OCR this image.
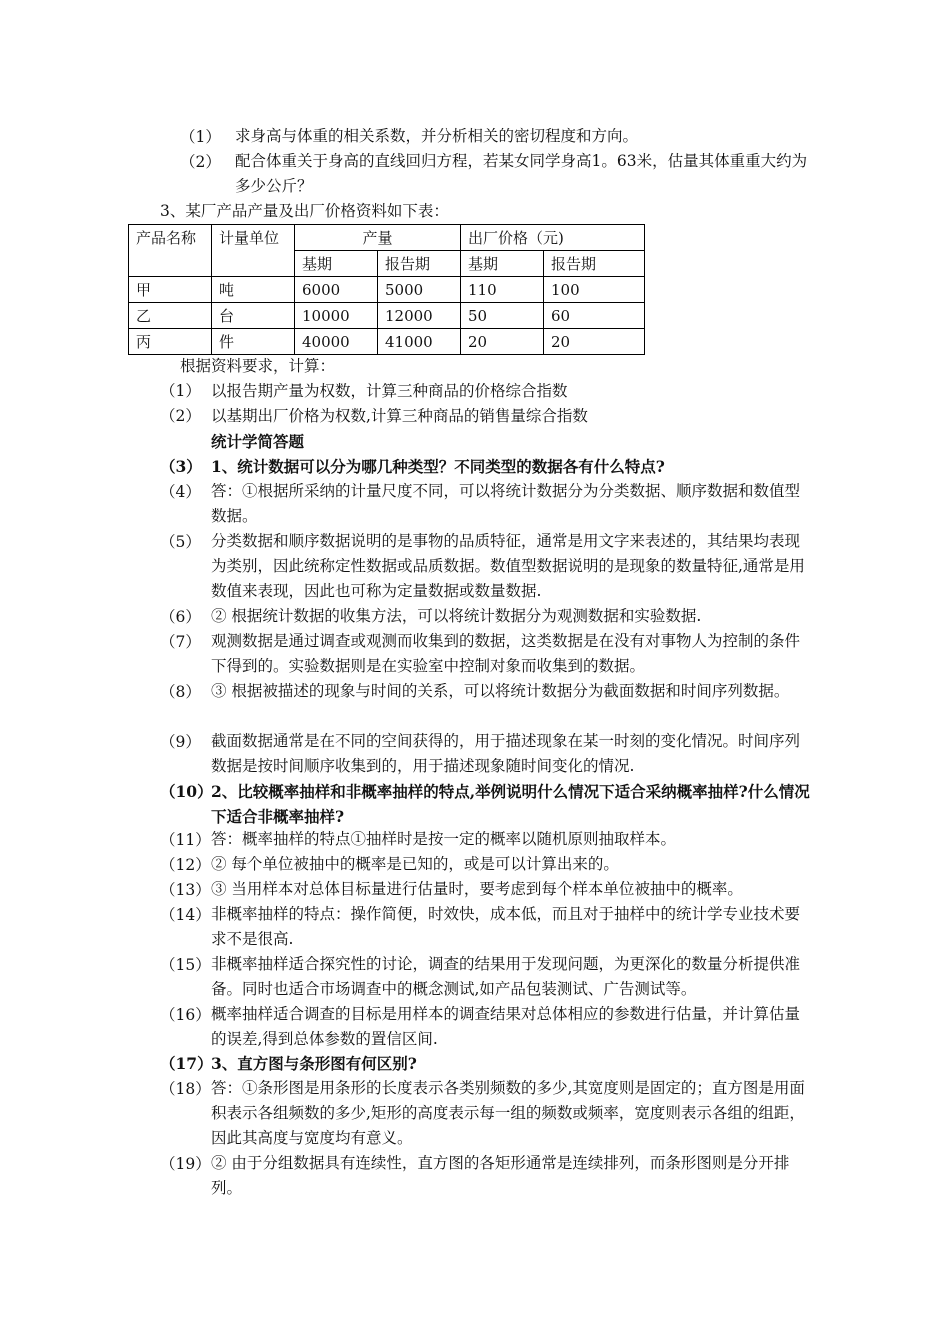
（1） 求身高与体重的相关系数，并分析相关的密切程度和方向。
（2） 配合体重关于身高的直线回归方程，若某女同学身高1。63米，估量其体重重大约为多少公斤？
3、某厂产品产量及出厂价格资料如下表：
产品名称	计量单位	产量		出厂价格（元)	
		基期	报告期	基期	报告期
甲	吨	6000	5000	110	100
乙	台	10000	12000	50	60
丙	件	40000	41000	20	20
根据资料要求，计算：
（1） 以报告期产量为权数，计算三种商品的价格综合指数
（2） 以基期出厂价格为权数,计算三种商品的销售量综合指数
统计学简答题
（3） 1、统计数据可以分为哪几种类型？不同类型的数据各有什么特点?
（4） 答：①根据所采纳的计量尺度不同，可以将统计数据分为分类数据、顺序数据和数值型数据。
（5） 分类数据和顺序数据说明的是事物的品质特征，通常是用文字来表述的，其结果均表现为类别，因此统称定性数据或品质数据。数值型数据说明的是现象的数量特征,通常是用数值来表现，因此也可称为定量数据或数量数据.
（6） ② 根据统计数据的收集方法，可以将统计数据分为观测数据和实验数据.
（7） 观测数据是通过调查或观测而收集到的数据，这类数据是在没有对事物人为控制的条件下得到的。实验数据则是在实验室中控制对象而收集到的数据。
（8） ③ 根据被描述的现象与时间的关系，可以将统计数据分为截面数据和时间序列数据。
（9） 截面数据通常是在不同的空间获得的，用于描述现象在某一时刻的变化情况。时间序列数据是按时间顺序收集到的，用于描述现象随时间变化的情况.
（10）
2、比较概率抽样和非概率抽样的特点,举例说明什么情况下适合采纳概率抽样?什么情况下适合非概率抽样?
（11） 答：概率抽样的特点①抽样时是按一定的概率以随机原则抽取样本。
（12） ② 每个单位被抽中的概率是已知的，或是可以计算出来的。
（13） ③ 当用样本对总体目标量进行估量时，要考虑到每个样本单位被抽中的概率。
（14） 非概率抽样的特点：操作简便，时效快，成本低，而且对于抽样中的统计学专业技术要求不是很高.
（15） 非概率抽样适合探究性的讨论，调查的结果用于发现问题，为更深化的数量分析提供准备。同时也适合市场调查中的概念测试,如产品包装测试、广告测试等。
（16） 概率抽样适合调查的目标是用样本的调查结果对总体相应的参数进行估量，并计算估量的误差,得到总体参数的置信区间.
（17）
3、直方图与条形图有何区别?
（18） 答：①条形图是用条形的长度表示各类别频数的多少,其宽度则是固定的；直方图是用面积表示各组频数的多少,矩形的高度表示每一组的频数或频率，宽度则表示各组的组距，因此其高度与宽度均有意义。
（19） ② 由于分组数据具有连续性，直方图的各矩形通常是连续排列，而条形图则是分开排列。
